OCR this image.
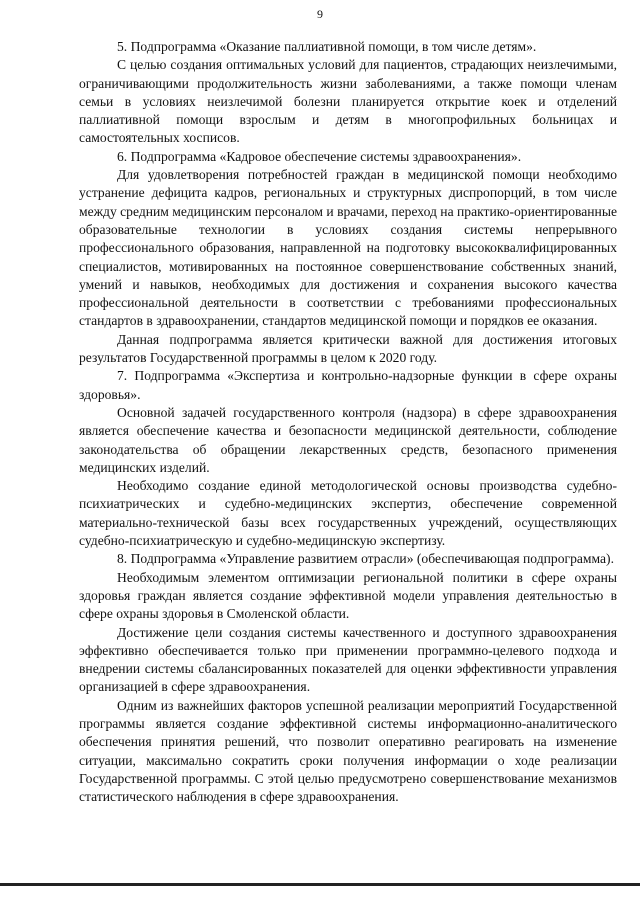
9

5. Подпрограмма «Оказание паллиативной помощи, в том числе детям».

С целью создания оптимальных условий для пациентов, страдающих неизлечимыми, ограничивающими продолжительность жизни заболеваниями, а также помощи членам семьи в условиях неизлечимой болезни планируется открытие коек и отделений паллиативной помощи взрослым и детям в многопрофильных больницах и самостоятельных хосписов.

6. Подпрограмма «Кадровое обеспечение системы здравоохранения».

Для удовлетворения потребностей граждан в медицинской помощи необходимо устранение дефицита кадров, региональных и структурных диспропорций, в том числе между средним медицинским персоналом и врачами, переход на практико-ориентированные образовательные технологии в условиях создания системы непрерывного профессионального образования, направленной на подготовку высококвалифицированных специалистов, мотивированных на постоянное совершенствование собственных знаний, умений и навыков, необходимых для достижения и сохранения высокого качества профессиональной деятельности в соответствии с требованиями профессиональных стандартов в здравоохранении, стандартов медицинской помощи и порядков ее оказания.

Данная подпрограмма является критически важной для достижения итоговых результатов Государственной программы в целом к 2020 году.

7. Подпрограмма «Экспертиза и контрольно-надзорные функции в сфере охраны здоровья».

Основной задачей государственного контроля (надзора) в сфере здравоохранения является обеспечение качества и безопасности медицинской деятельности, соблюдение законодательства об обращении лекарственных средств, безопасного применения медицинских изделий.

Необходимо создание единой методологической основы производства судебно-психиатрических и судебно-медицинских экспертиз, обеспечение современной материально-технической базы всех государственных учреждений, осуществляющих судебно-психиатрическую и судебно-медицинскую экспертизу.

8. Подпрограмма «Управление развитием отрасли» (обеспечивающая подпрограмма).

Необходимым элементом оптимизации региональной политики в сфере охраны здоровья граждан является создание эффективной модели управления деятельностью в сфере охраны здоровья в Смоленской области.

Достижение цели создания системы качественного и доступного здравоохранения эффективно обеспечивается только при применении программно-целевого подхода и внедрении системы сбалансированных показателей для оценки эффективности управления организацией в сфере здравоохранения.

Одним из важнейших факторов успешной реализации мероприятий Государственной программы является создание эффективной системы информационно-аналитического обеспечения принятия решений, что позволит оперативно реагировать на изменение ситуации, максимально сократить сроки получения информации о ходе реализации Государственной программы. С этой целью предусмотрено совершенствование механизмов статистического наблюдения в сфере здравоохранения.
